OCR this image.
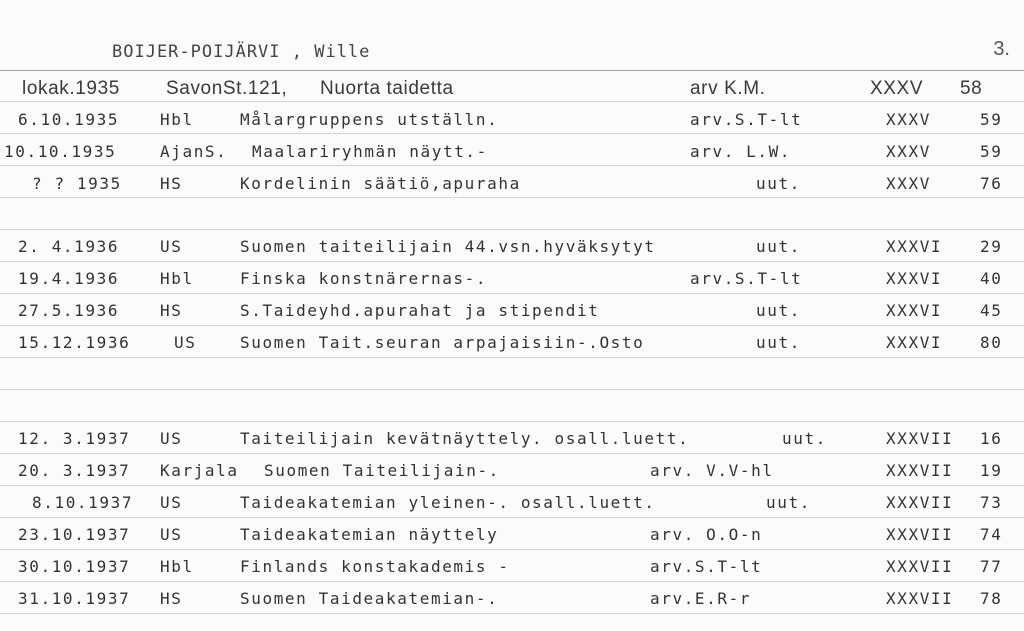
BOIJER-POIJÄRVI , Wille	3.
lokak.1935 SavonSt.121, Nuorta taidetta	arv K.M.	XXXV 58
6.10.1935	Hbl	Målargruppens utställn.	arv.S.T-lt	XXXV	59
10.10.1935	AjanS. Maalariryhmän näytt.-	arv. L.W.	XXXV	59
? ? 1935 HS	Kordelinin säätiö,apuraha	uut.	XXXV	76
2. 4.1936	US	Suomen taiteilijain 44.vsn.hyväksytyt	uut.	XXXVI 29
19.4.1936	Hbl	Finska konstnärernas-.	arv.S.T-lt	XXXVI 40
27.5.1936	HS	S.Taideyhd.apurahat ja stipendit	uut.	XXXVI 45
15.12.1936	US	Suomen Tait.seuran arpajaisiin-.Osto	uut.	XXXVI 80
12. 3.1937 US	Taiteilijain kevätnäyttely. osall.luett.	uut.	XXXVII 16
20. 3.1937 Karjala Suomen Taiteilijain-.	arv. V.V-hl	XXXVII 19
8.10.1937 US	Taideakatemian yleinen-. osall.luett.	uut.	XXXVII 73
23.10.1937 US	Taideakatemian näyttely	arv. O.O-n	XXXVII 74
30.10.1937 Hbl	Finlands konstakademis -	arv.S.T-lt	XXXVII 77
31.10.1937 HS	Suomen Taideakatemian-.	arv.E.R-r	XXXVII 78
